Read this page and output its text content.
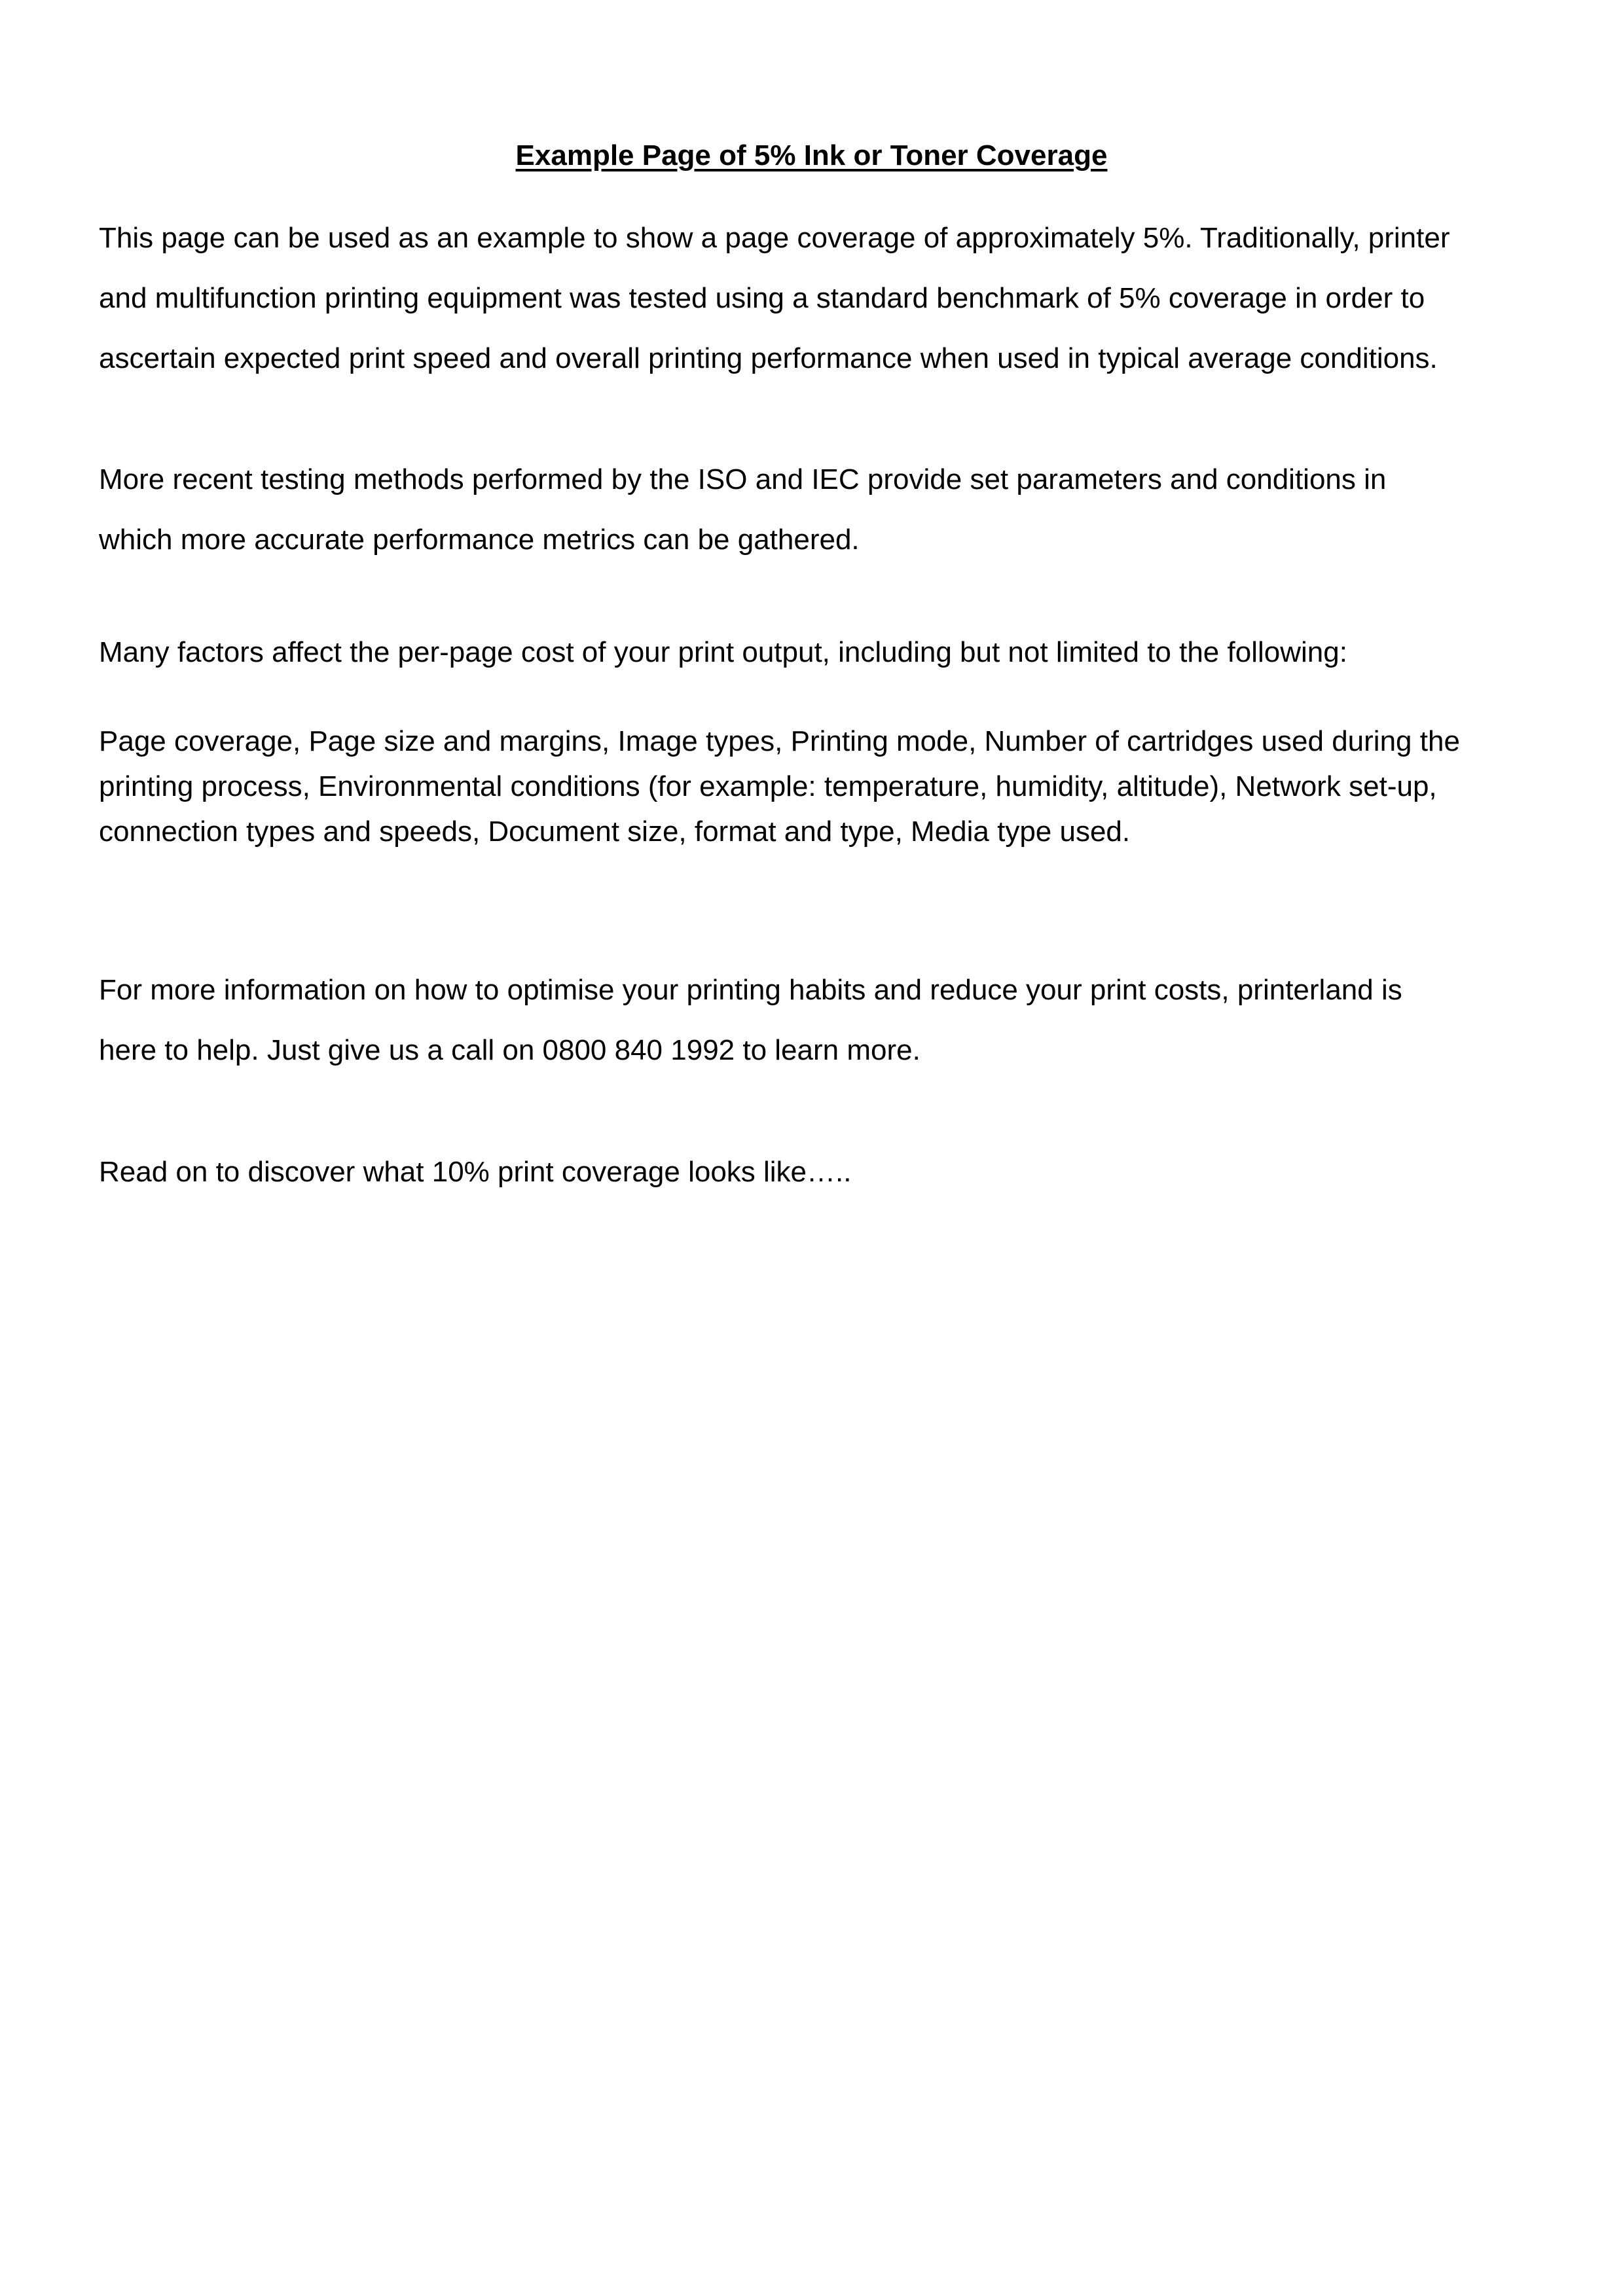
Example Page of 5% Ink or Toner Coverage

This page can be used as an example to show a page coverage of approximately 5%. Traditionally, printer
and multifunction printing equipment was tested using a standard benchmark of 5% coverage in order to
ascertain expected print speed and overall printing performance when used in typical average conditions.

More recent testing methods performed by the ISO and IEC provide set parameters and conditions in
which more accurate performance metrics can be gathered.

Many factors affect the per-page cost of your print output, including but not limited to the following:

Page coverage, Page size and margins, Image types, Printing mode, Number of cartridges used during the
printing process, Environmental conditions (for example: temperature, humidity, altitude), Network set-up,
connection types and speeds, Document size, format and type, Media type used.

For more information on how to optimise your printing habits and reduce your print costs, printerland is
here to help. Just give us a call on 0800 840 1992 to learn more.

Read on to discover what 10% print coverage looks like…..
